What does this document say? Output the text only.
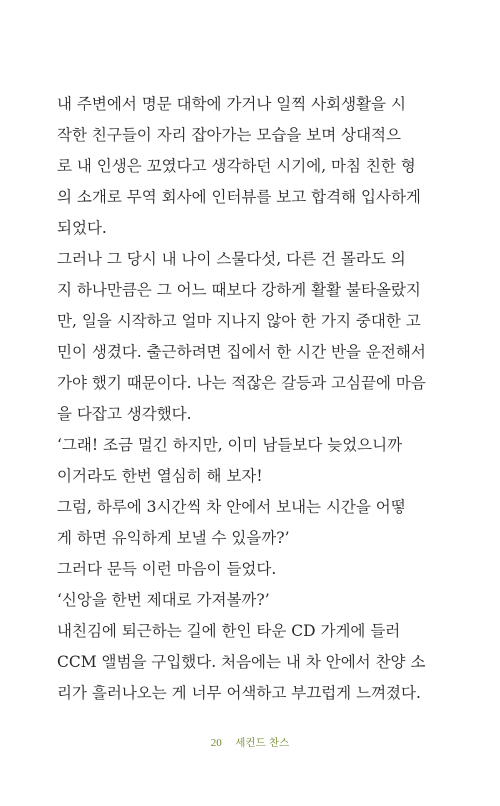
내 주변에서 명문 대학에 가거나 일찍 사회생활을 시
작한 친구들이 자리 잡아가는 모습을 보며 상대적으
로 내 인생은 꼬였다고 생각하던 시기에, 마침 친한 형
의 소개로 무역 회사에 인터뷰를 보고 합격해 입사하게
되었다.
그러나 그 당시 내 나이 스물다섯, 다른 건 몰라도 의
지 하나만큼은 그 어느 때보다 강하게 활활 불타올랐지
만, 일을 시작하고 얼마 지나지 않아 한 가지 중대한 고
민이 생겼다. 출근하려면 집에서 한 시간 반을 운전해서
가야 했기 때문이다. 나는 적잖은 갈등과 고심끝에 마음
을 다잡고 생각했다.
‘그래! 조금 멀긴 하지만, 이미 남들보다 늦었으니까
이거라도 한번 열심히 해 보자!
그럼, 하루에 3시간씩 차 안에서 보내는 시간을 어떻
게 하면 유익하게 보낼 수 있을까?’
그러다 문득 이런 마음이 들었다.
‘신앙을 한번 제대로 가져볼까?’
내친김에 퇴근하는 길에 한인 타운 CD 가게에 들러
CCM 앨범을 구입했다. 처음에는 내 차 안에서 찬양 소
리가 흘러나오는 게 너무 어색하고 부끄럽게 느껴졌다.
20 세컨드 찬스
